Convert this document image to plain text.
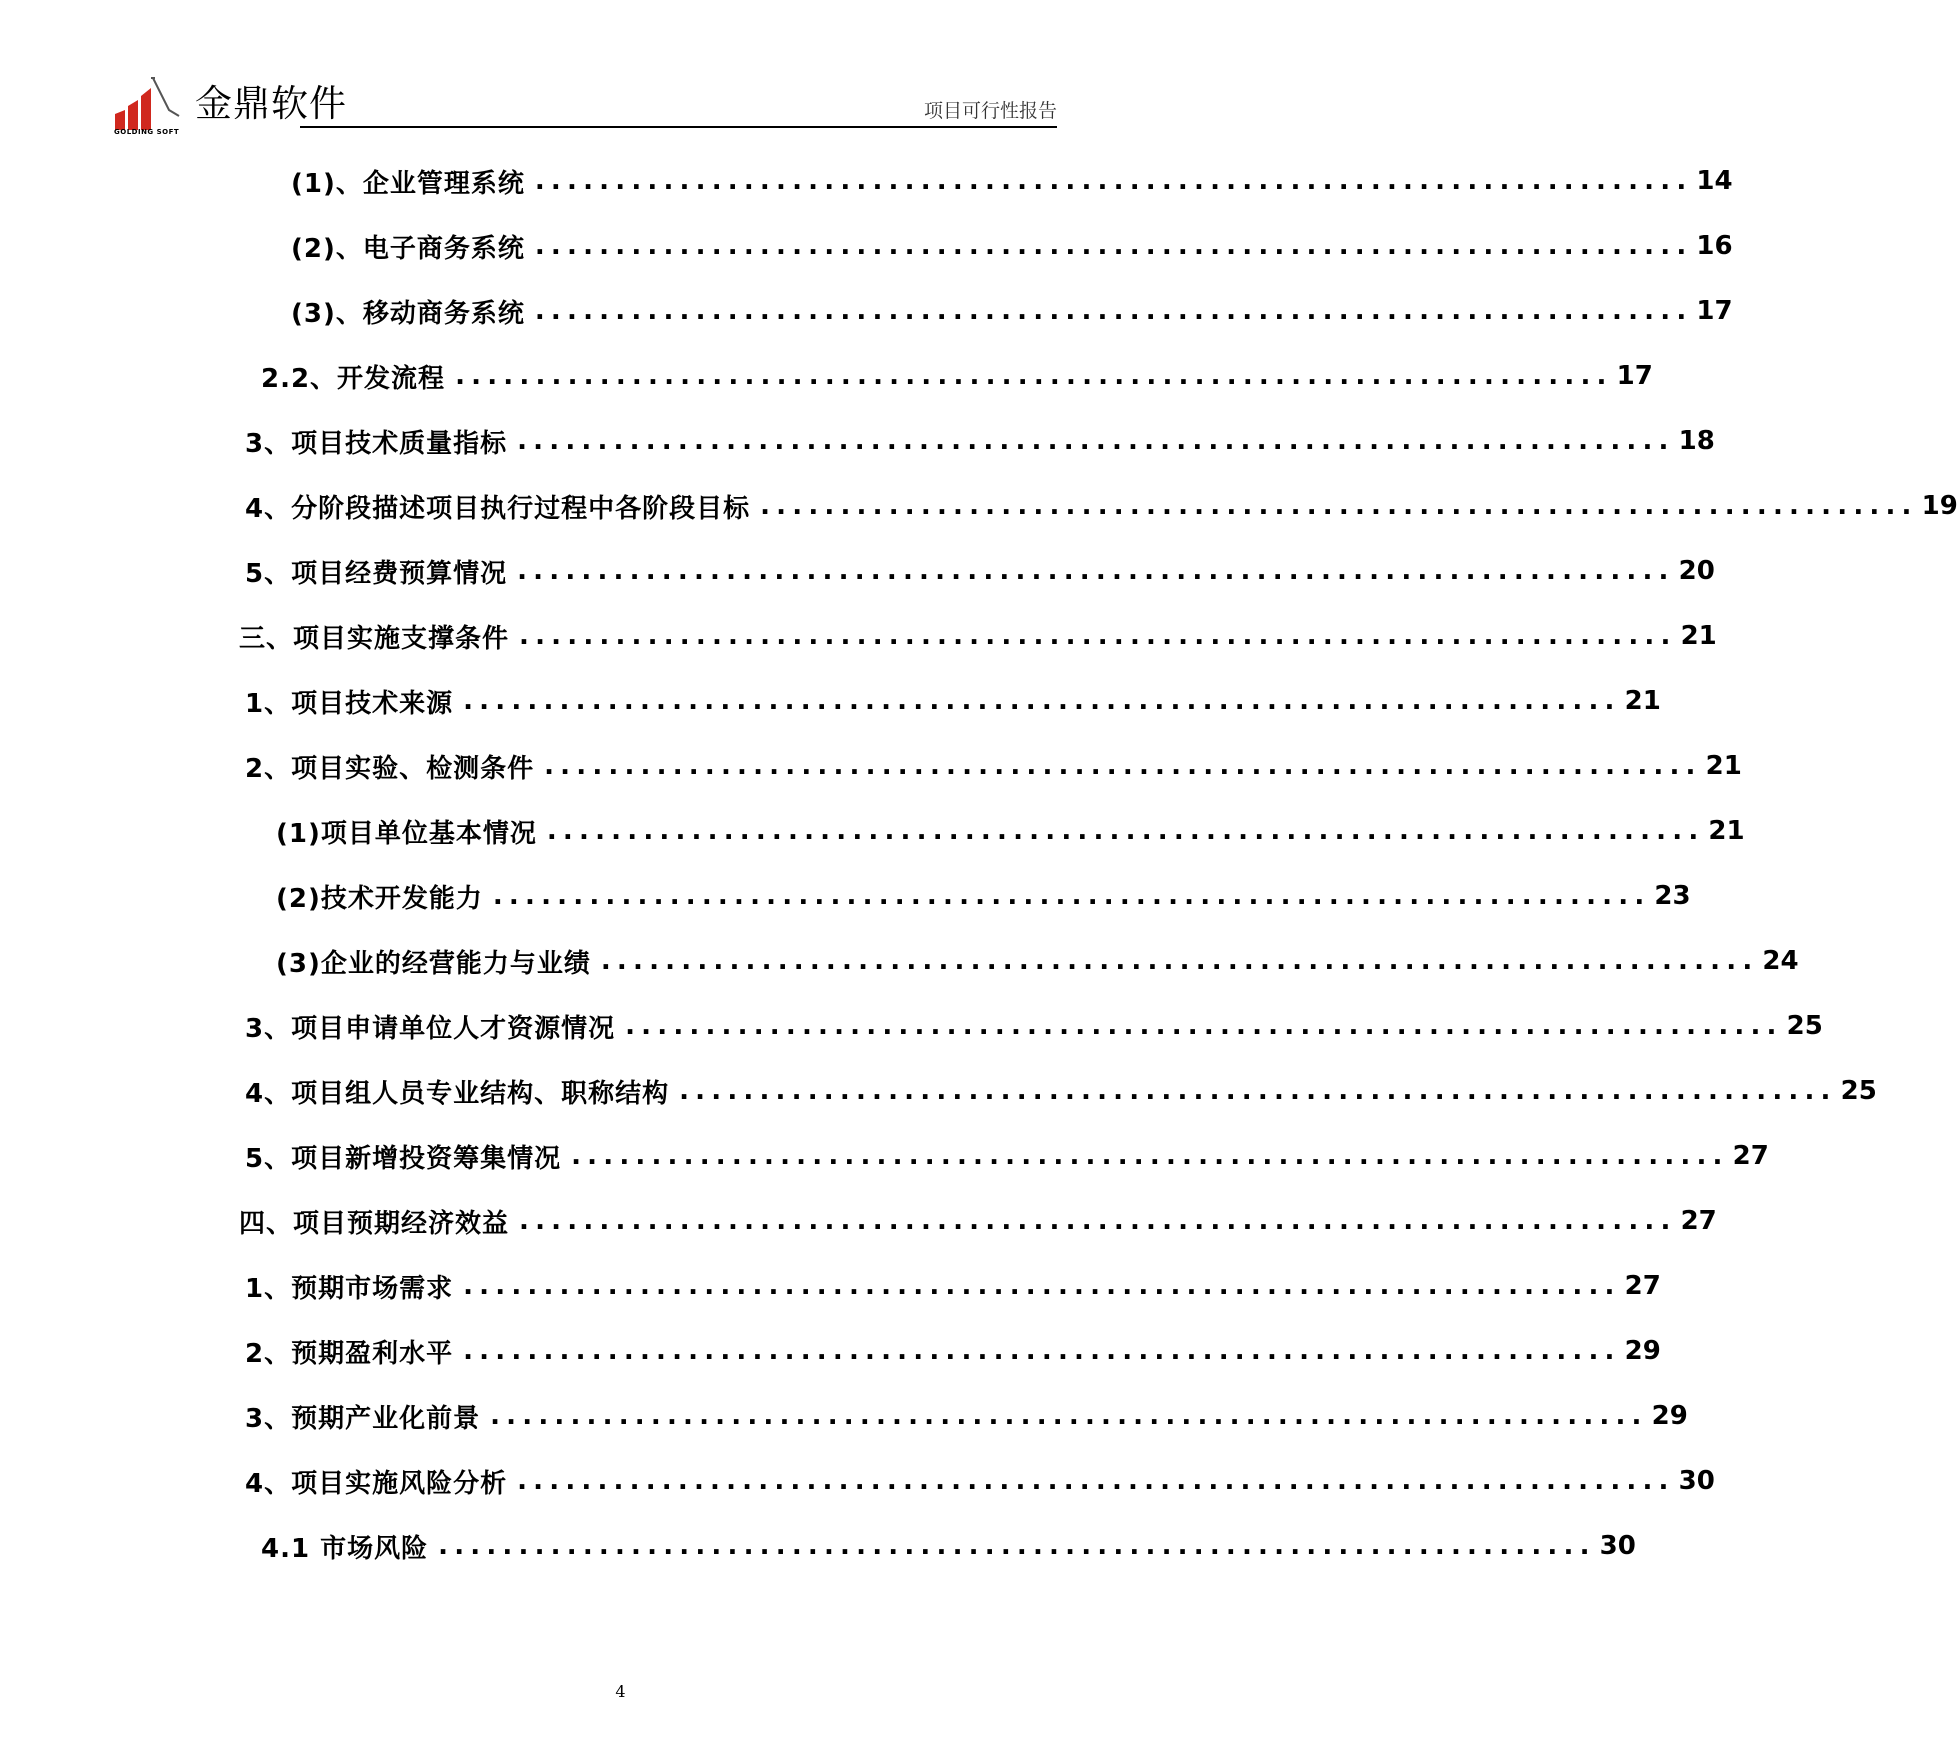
GOLDING SOFT
金鼎软件	项目可行性报告
(1)、企业管理系统 ........................................................................ 14
(2)、电子商务系统 ........................................................................ 16
(3)、移动商务系统 ........................................................................ 17
2.2、开发流程 ........................................................................ 17
3、项目技术质量指标 ........................................................................ 18
4、分阶段描述项目执行过程中各阶段目标 ........................................................................ 19
5、项目经费预算情况 ........................................................................ 20
三、项目实施支撑条件 ........................................................................ 21
1、项目技术来源 ........................................................................ 21
2、项目实验、检测条件 ........................................................................ 21
(1)项目单位基本情况 ........................................................................ 21
(2)技术开发能力 ........................................................................ 23
(3)企业的经营能力与业绩 ........................................................................ 24
3、项目申请单位人才资源情况 ........................................................................ 25
4、项目组人员专业结构、职称结构 ........................................................................ 25
5、项目新增投资筹集情况 ........................................................................ 27
四、项目预期经济效益 ........................................................................ 27
1、预期市场需求 ........................................................................ 27
2、预期盈利水平 ........................................................................ 29
3、预期产业化前景 ........................................................................ 29
4、项目实施风险分析 ........................................................................ 30
4.1 市场风险 ........................................................................ 30
4
